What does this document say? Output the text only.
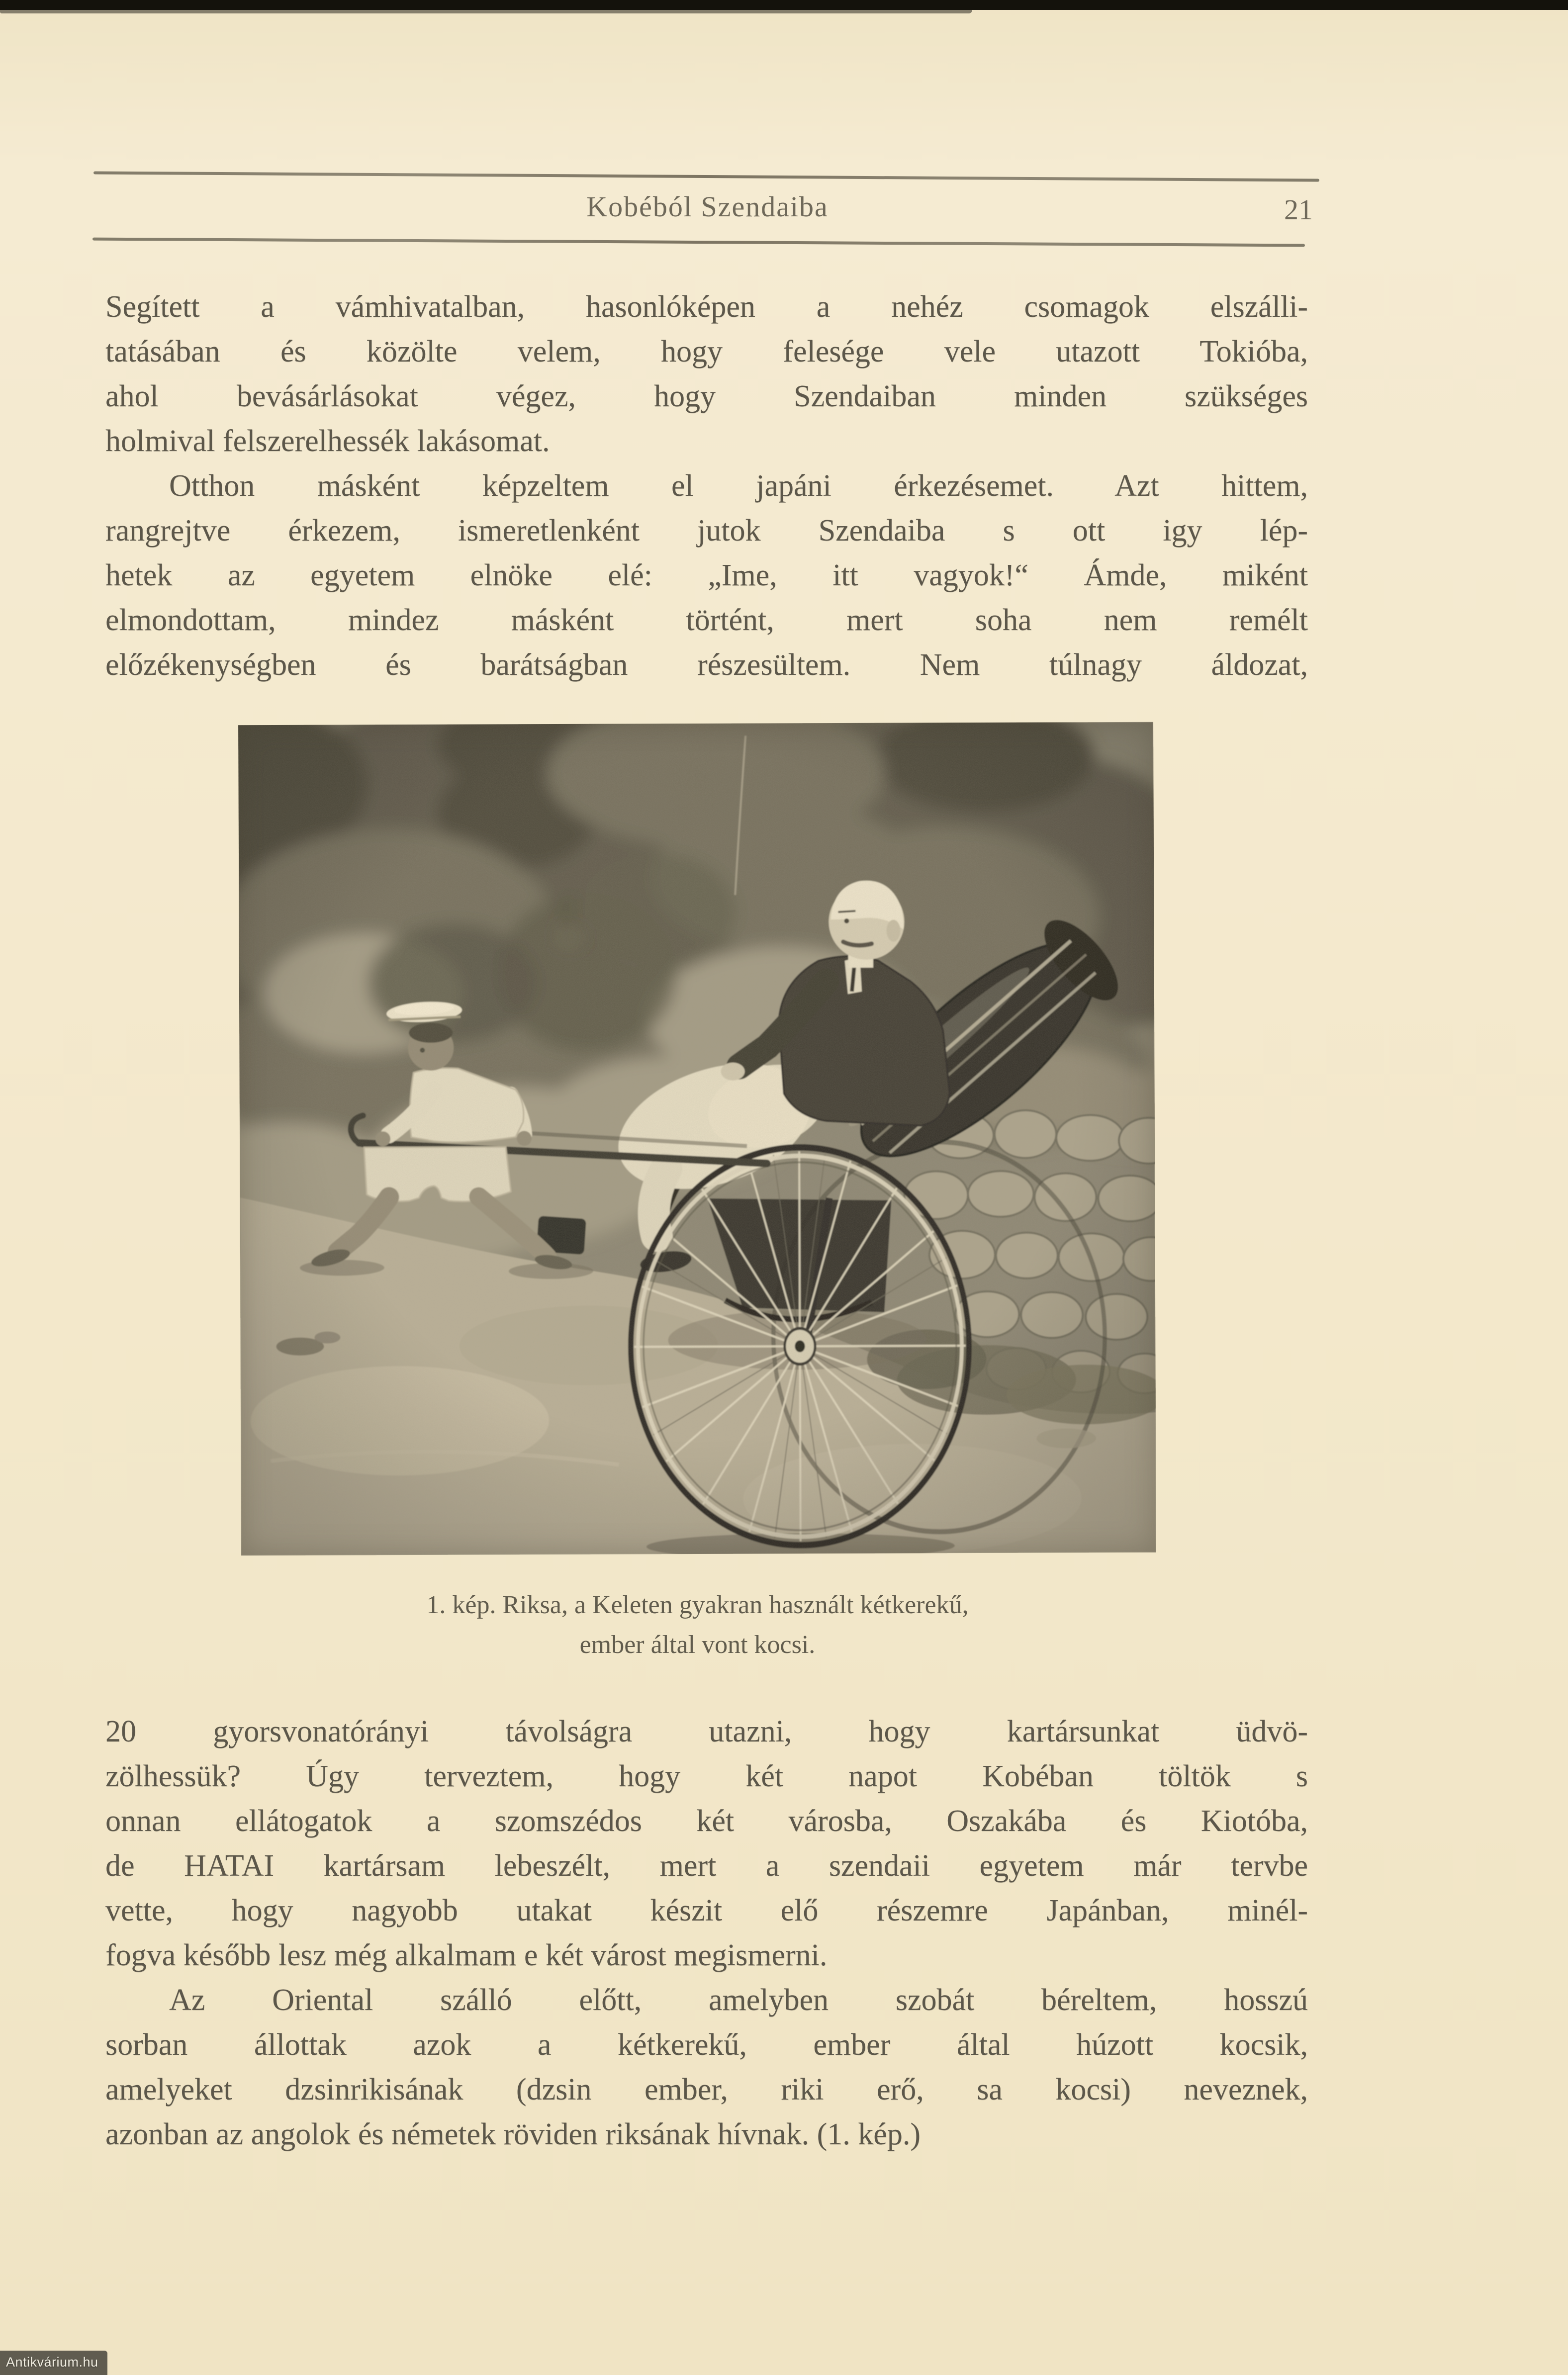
Kobéból Szendaiba	21
Segített a vámhivatalban, hasonlóképen a nehéz csomagok elszálli-
tatásában és közölte velem, hogy felesége vele utazott Tokióba,
ahol bevásárlásokat végez, hogy Szendaiban minden szükséges
holmival felszerelhessék lakásomat.
Otthon másként képzeltem el japáni érkezésemet. Azt hittem,
rangrejtve érkezem, ismeretlenként jutok Szendaiba s ott igy lép-
hetek az egyetem elnöke elé: „Ime, itt vagyok!“ Ámde, miként
elmondottam, mindez másként történt, mert soha nem remélt
előzékenységben és barátságban részesültem. Nem túlnagy áldozat,
1. kép. Riksa, a Keleten gyakran használt kétkerekű,
ember által vont kocsi.
20 gyorsvonatórányi távolságra utazni, hogy kartársunkat üdvö-
zölhessük? Úgy terveztem, hogy két napot Kobéban töltök s
onnan ellátogatok a szomszédos két városba, Oszakába és Kiotóba,
de HATAI kartársam lebeszélt, mert a szendaii egyetem már tervbe
vette, hogy nagyobb utakat készit elő részemre Japánban, minél-
fogva később lesz még alkalmam e két várost megismerni.
Az Oriental szálló előtt, amelyben szobát béreltem, hosszú
sorban állottak azok a kétkerekű, ember által húzott kocsik,
amelyeket dzsinrikisának (dzsin ember, riki erő, sa kocsi) neveznek,
azonban az angolok és németek röviden riksának hívnak. (1. kép.)
Antikvárium.hu
